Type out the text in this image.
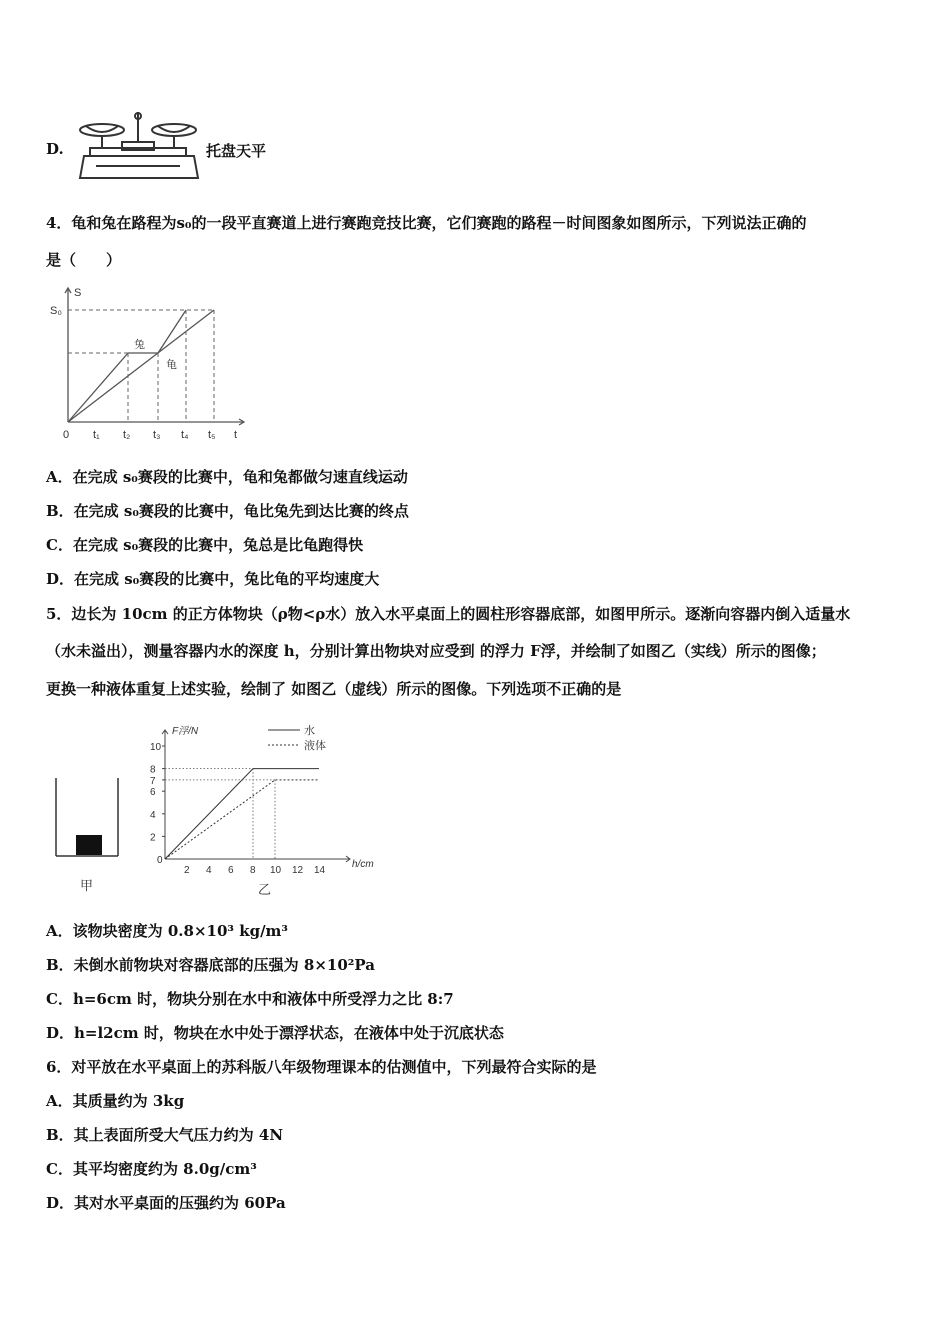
D.	托盘天平
4．龟和兔在路程为s₀的一段平直赛道上进行赛跑竞技比赛，它们赛跑的路程－时间图象如图所示，下列说法正确的
是（　　）
S
S₀
0 t₁ t₂ t₃ t₄ t₅ t
兔
龟
A．在完成 s₀赛段的比赛中，龟和兔都做匀速直线运动
B．在完成 s₀赛段的比赛中，龟比兔先到达比赛的终点
C．在完成 s₀赛段的比赛中，兔总是比龟跑得快
D．在完成 s₀赛段的比赛中，兔比龟的平均速度大
5．边长为 10cm 的正方体物块（ρ物<ρ水）放入水平桌面上的圆柱形容器底部，如图甲所示。逐渐向容器内倒入适量水
（水未溢出），测量容器内水的深度 h，分别计算出物块对应受到 的浮力 F浮，并绘制了如图乙（实线）所示的图像；
更换一种液体重复上述实验，绘制了 如图乙（虚线）所示的图像。下列选项不正确的是
甲
10
8
7
6
4
2
2 4 6 8 10 12 14
F浮/N
h/cm
0
水
液体
乙
A．该物块密度为 0.8×10³ kg/m³
B．未倒水前物块对容器底部的压强为 8×10²Pa
C．h=6cm 时，物块分别在水中和液体中所受浮力之比 8:7
D．h=l2cm 时，物块在水中处于漂浮状态，在液体中处于沉底状态
6．对平放在水平桌面上的苏科版八年级物理课本的估测值中，下列最符合实际的是
A．其质量约为 3kg
B．其上表面所受大气压力约为 4N
C．其平均密度约为 8.0g/cm³
D．其对水平桌面的压强约为 60Pa
